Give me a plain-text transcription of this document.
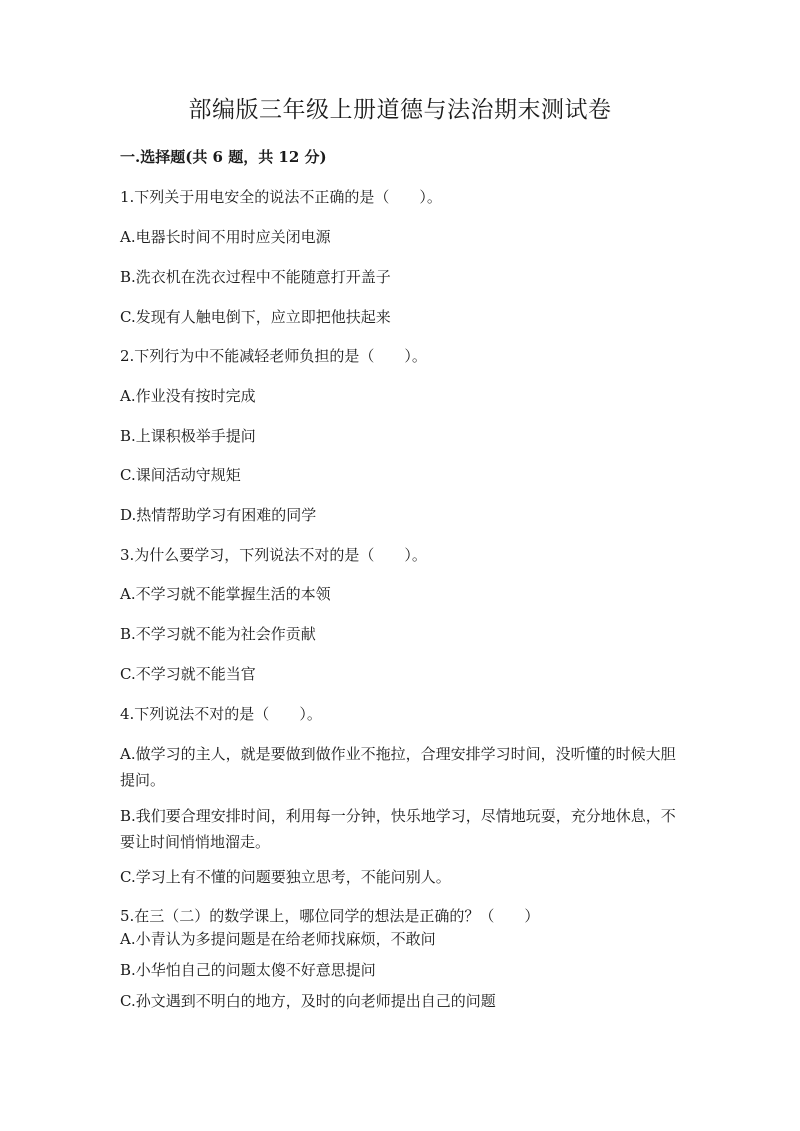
部编版三年级上册道德与法治期末测试卷
一.选择题(共 6 题，共 12 分)
1.下列关于用电安全的说法不正确的是（　　）。
A.电器长时间不用时应关闭电源
B.洗衣机在洗衣过程中不能随意打开盖子
C.发现有人触电倒下，应立即把他扶起来
2.下列行为中不能减轻老师负担的是（　　）。
A.作业没有按时完成
B.上课积极举手提问
C.课间活动守规矩
D.热情帮助学习有困难的同学
3.为什么要学习，下列说法不对的是（　　）。
A.不学习就不能掌握生活的本领
B.不学习就不能为社会作贡献
C.不学习就不能当官
4.下列说法不对的是（　　）。
A.做学习的主人，就是要做到做作业不拖拉，合理安排学习时间，没听懂的时候大胆提问。
B.我们要合理安排时间，利用每一分钟，快乐地学习，尽情地玩耍，充分地休息，不要让时间悄悄地溜走。
C.学习上有不懂的问题要独立思考，不能问别人。
5.在三（二）的数学课上，哪位同学的想法是正确的？（　　）
A.小青认为多提问题是在给老师找麻烦，不敢问
B.小华怕自己的问题太傻不好意思提问
C.孙文遇到不明白的地方，及时的向老师提出自己的问题
